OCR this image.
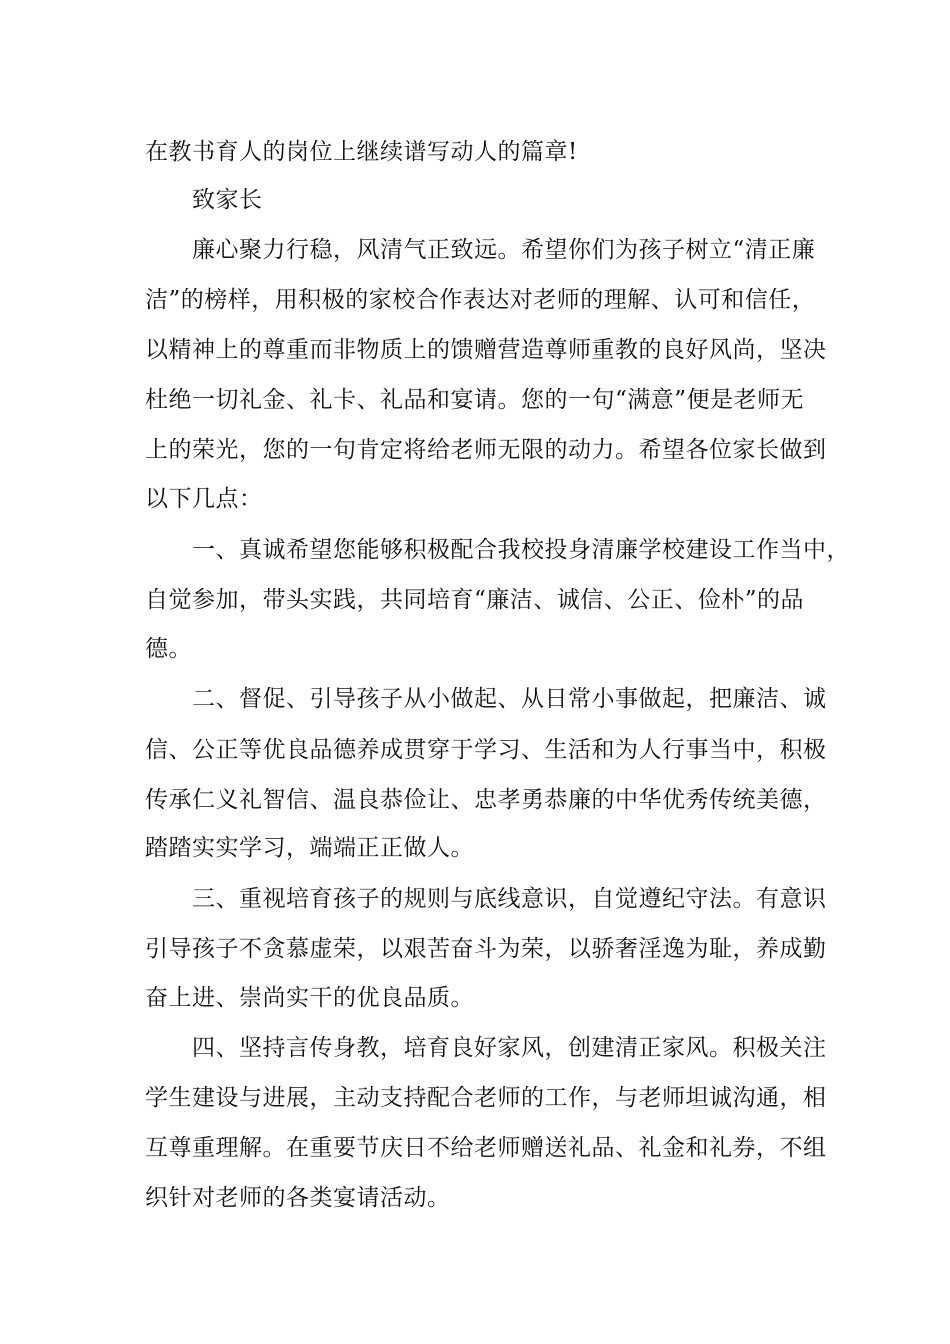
在教书育人的岗位上继续谱写动人的篇章!
致家长
廉心聚力行稳，风清气正致远。希望你们为孩子树立“清正廉
洁”的榜样，用积极的家校合作表达对老师的理解、认可和信任，
以精神上的尊重而非物质上的馈赠营造尊师重教的良好风尚，坚决
杜绝一切礼金、礼卡、礼品和宴请。您的一句“满意”便是老师无
上的荣光，您的一句肯定将给老师无限的动力。希望各位家长做到
以下几点：
一、真诚希望您能够积极配合我校投身清廉学校建设工作当中，
自觉参加，带头实践，共同培育“廉洁、诚信、公正、俭朴”的品
德。
二、督促、引导孩子从小做起、从日常小事做起，把廉洁、诚
信、公正等优良品德养成贯穿于学习、生活和为人行事当中，积极
传承仁义礼智信、温良恭俭让、忠孝勇恭廉的中华优秀传统美德，
踏踏实实学习，端端正正做人。
三、重视培育孩子的规则与底线意识，自觉遵纪守法。有意识
引导孩子不贪慕虚荣，以艰苦奋斗为荣，以骄奢淫逸为耻，养成勤
奋上进、崇尚实干的优良品质。
四、坚持言传身教，培育良好家风，创建清正家风。积极关注
学生建设与进展，主动支持配合老师的工作，与老师坦诚沟通，相
互尊重理解。在重要节庆日不给老师赠送礼品、礼金和礼券，不组
织针对老师的各类宴请活动。
